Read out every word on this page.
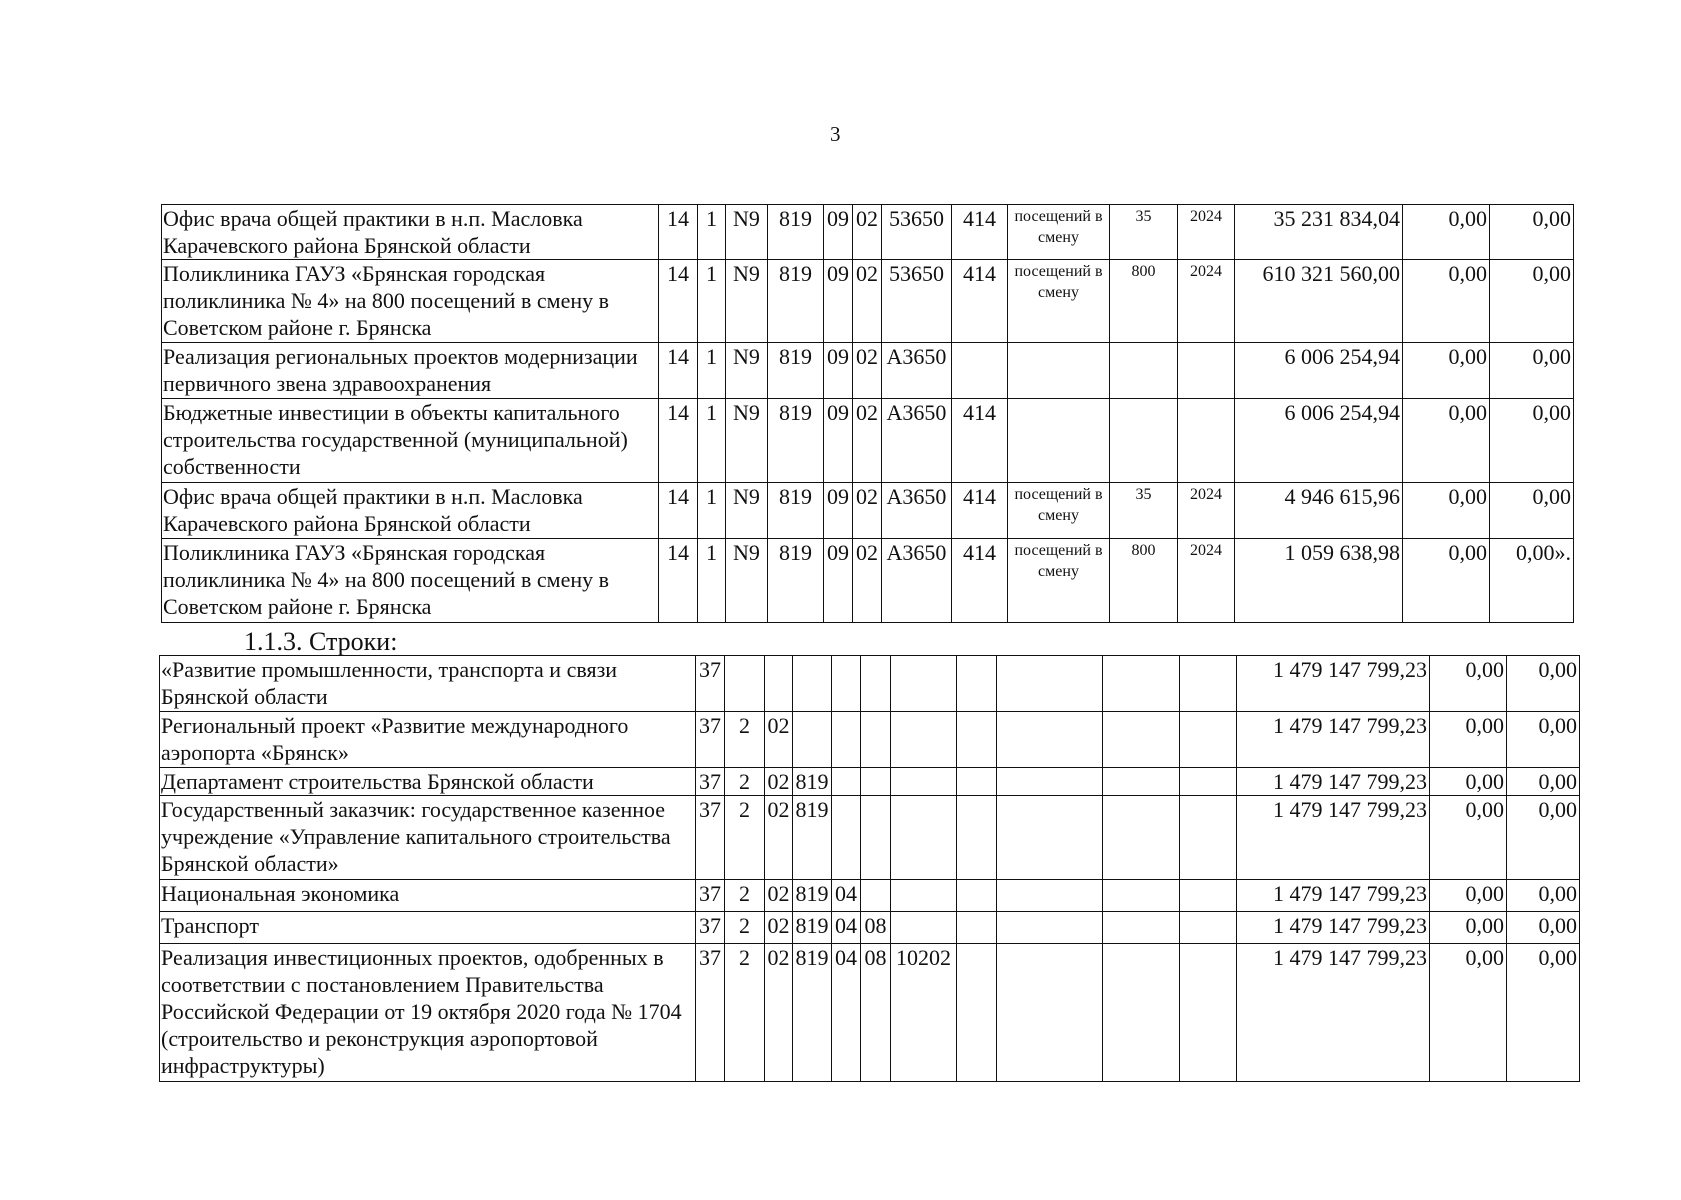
3
Офис врача общей практики в н.п. Масловка Карачевского района Брянской области	14	1	N9	819	09	02	53650	414	посещений в смену	35	2024	35 231 834,04	0,00	0,00
Поликлиника ГАУЗ «Брянская городская поликлиника № 4» на 800 посещений в смену в Советском районе г. Брянска	14	1	N9	819	09	02	53650	414	посещений в смену	800	2024	610 321 560,00	0,00	0,00
Реализация региональных проектов модернизации первичного звена здравоохранения	14	1	N9	819	09	02	А3650					6 006 254,94	0,00	0,00
Бюджетные инвестиции в объекты капитального строительства государственной (муниципальной) собственности	14	1	N9	819	09	02	А3650	414				6 006 254,94	0,00	0,00
Офис врача общей практики в н.п. Масловка Карачевского района Брянской области	14	1	N9	819	09	02	А3650	414	посещений в смену	35	2024	4 946 615,96	0,00	0,00
Поликлиника ГАУЗ «Брянская городская поликлиника № 4» на 800 посещений в смену в Советском районе г. Брянска	14	1	N9	819	09	02	А3650	414	посещений в смену	800	2024	1 059 638,98	0,00	0,00».
1.1.3. Строки:
«Развитие промышленности, транспорта и связи Брянской области	37											1 479 147 799,23	0,00	0,00
Региональный проект «Развитие международного аэропорта «Брянск»	37	2	02									1 479 147 799,23	0,00	0,00
Департамент строительства Брянской области	37	2	02	819								1 479 147 799,23	0,00	0,00
Государственный заказчик: государственное казенное учреждение «Управление капитального строительства Брянской области»	37	2	02	819								1 479 147 799,23	0,00	0,00
Национальная экономика	37	2	02	819	04							1 479 147 799,23	0,00	0,00
Транспорт	37	2	02	819	04	08						1 479 147 799,23	0,00	0,00
Реализация инвестиционных проектов, одобренных в соответствии с постановлением Правительства Российской Федерации от 19 октября 2020 года № 1704 (строительство и реконструкция аэропортовой инфраструктуры)	37	2	02	819	04	08	10202					1 479 147 799,23	0,00	0,00
